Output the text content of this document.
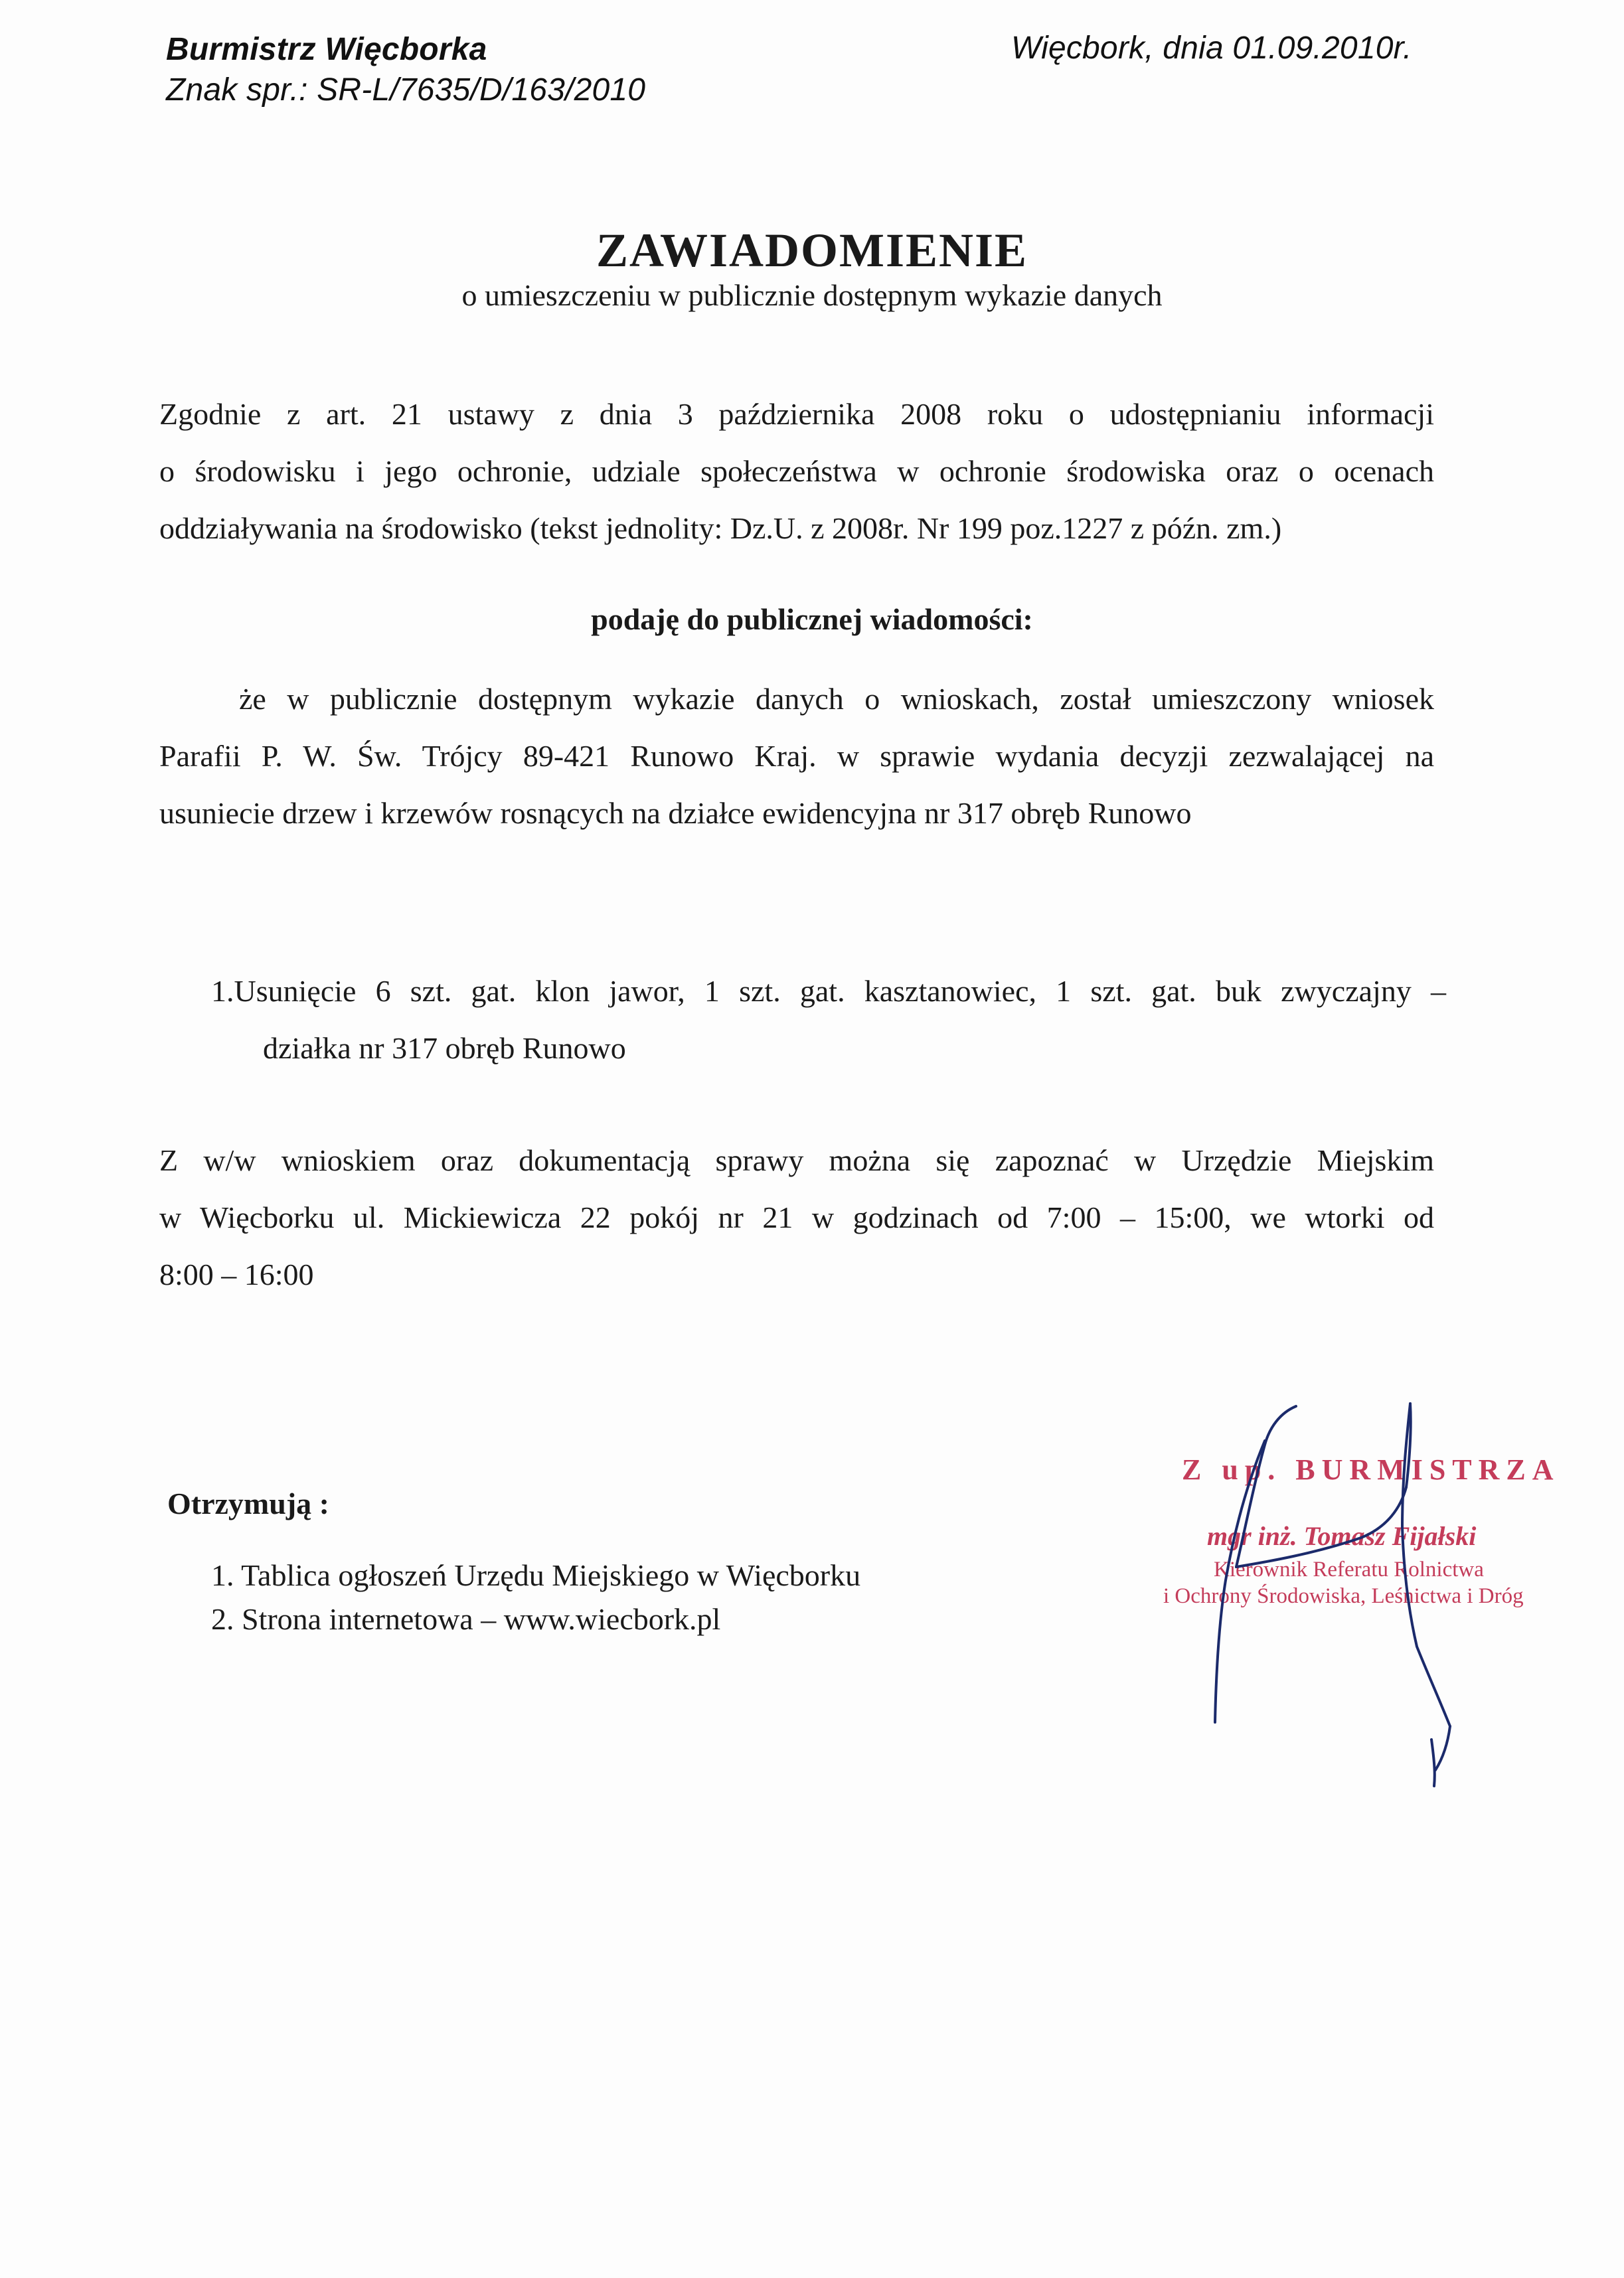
Burmistrz Więcborka
Znak spr.: SR-L/7635/D/163/2010
Więcbork, dnia 01.09.2010r.
ZAWIADOMIENIE
o umieszczeniu w publicznie dostępnym wykazie danych
Zgodnie z art. 21 ustawy z dnia 3 października 2008 roku o udostępnianiu informacji
o środowisku i jego ochronie, udziale społeczeństwa w ochronie środowiska oraz o ocenach
oddziaływania na środowisko (tekst jednolity: Dz.U. z 2008r. Nr 199 poz.1227 z późn. zm.)
podaję do publicznej wiadomości:
że w publicznie dostępnym wykazie danych o wnioskach, został umieszczony wniosek
Parafii P. W. Św. Trójcy 89-421 Runowo Kraj. w sprawie wydania decyzji zezwalającej na
usuniecie drzew i krzewów rosnących na działce ewidencyjna nr 317 obręb Runowo
1.Usunięcie 6 szt. gat. klon jawor, 1 szt. gat. kasztanowiec, 1 szt. gat. buk zwyczajny –
działka nr 317 obręb Runowo
Z w/w wnioskiem oraz dokumentacją sprawy można się zapoznać w Urzędzie Miejskim
w Więcborku ul. Mickiewicza 22 pokój nr 21 w godzinach od 7:00 – 15:00, we wtorki od
8:00 – 16:00
Otrzymują :
1. Tablica ogłoszeń Urzędu Miejskiego w Więcborku
2. Strona internetowa – www.wiecbork.pl
Z up. BURMISTRZA
mgr inż. Tomasz Fijałski
Kierownik Referatu Rolnictwa
i Ochrony Środowiska, Leśnictwa i Dróg
